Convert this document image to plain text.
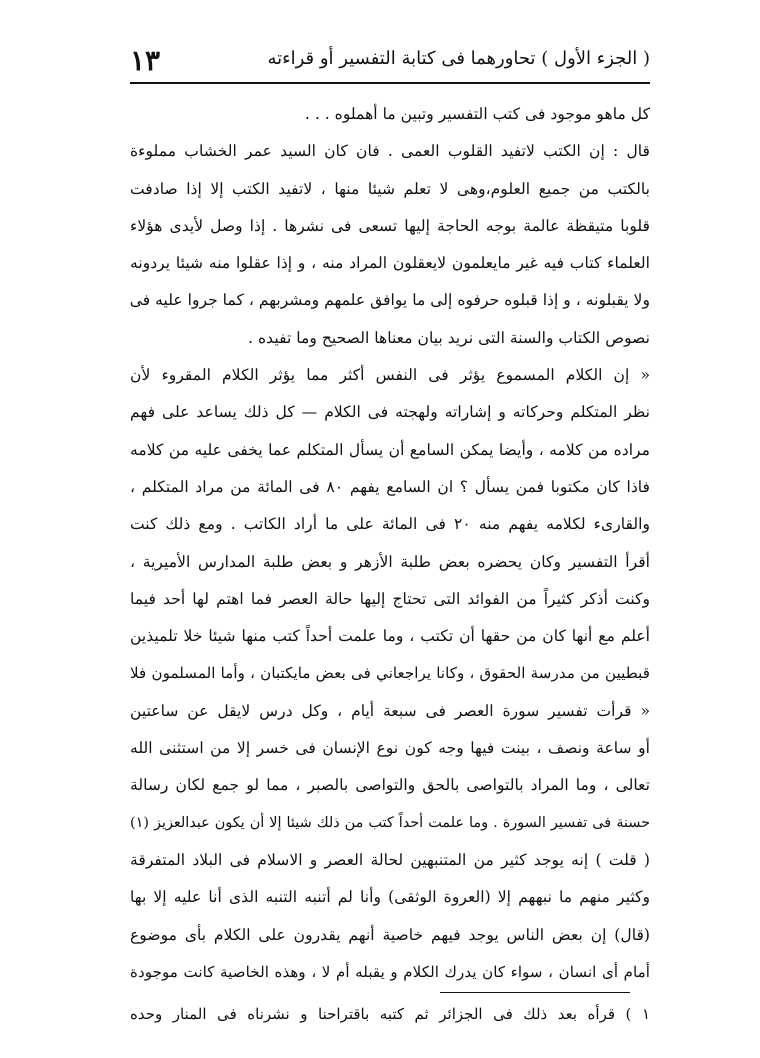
( الجزء الأول ) تحاورهما فى كتابة التفسير أو قراءته
١٣
كل ماهو موجود فى كتب التفسير وتبين ما أهملوه . . .
قال : إن الكتب لاتفيد القلوب العمى . فان كان السيد عمر الخشاب مملوءة
بالكتب من جميع العلوم،وهى لا تعلم شيئا منها ، لاتفيد الكتب إلا إذا صادفت
قلوبا متيقظة عالمة بوجه الحاجة إليها تسعى فى نشرها . إذا وصل لأيدى هؤلاء
العلماء كتاب فيه غير مايعلمون لايعقلون المراد منه ، و إذا عقلوا منه شيئا يردونه
ولا يقبلونه ، و إذا قبلوه حرفوه إلى ما يوافق علمهم ومشربهم ، كما جروا عليه فى
نصوص الكتاب والسنة التى نريد بيان معناها الصحيح وما تفيده .
« إن الكلام المسموع يؤثر فى النفس أكثر مما يؤثر الكلام المقروء لأن
نظر المتكلم وحركاته و إشاراته ولهجته فى الكلام — كل ذلك يساعد على فهم
مراده من كلامه ، وأيضا يمكن السامع أن يسأل المتكلم عما يخفى عليه من كلامه
فاذا كان مكتوبا فمن يسأل ؟ ان السامع يفهم ٨٠ فى المائة من مراد المتكلم ،
والقارىء لكلامه يفهم منه ٢٠ فى المائة على ما أراد الكاتب . ومع ذلك كنت
أقرأ التفسير وكان يحضره بعض طلبة الأزهر و بعض طلبة المدارس الأميرية ،
وكنت أذكر كثيراً من الفوائد التى تحتاج إليها حالة العصر فما اهتم لها أحد فيما
أعلم مع أنها كان من حقها أن تكتب ، وما علمت أحداً كتب منها شيئا خلا تلميذين
قبطيين من مدرسة الحقوق ، وكانا يراجعاني فى بعض مايكتبان ، وأما المسلمون فلا
« قرأت تفسير سورة العصر فى سبعة أيام ، وكل درس لايقل عن ساعتين
أو ساعة ونصف ، بينت فيها وجه كون نوع الإنسان فى خسر إلا من استثنى الله
تعالى ، وما المراد بالتواصى بالحق والتواصى بالصبر ، مما لو جمع لكان رسالة
حسنة فى تفسير السورة . وما علمت أحداً كتب من ذلك شيئا إلا أن يكون عبدالعزيز (١)
( قلت ) إنه يوجد كثير من المتنبهين لحالة العصر و الاسلام فى البلاد المتفرقة
وكثير منهم ما نبههم إلا (العروة الوثقى) وأنا لم أتنبه التنبه الذى أنا عليه إلا بها
(قال) إن بعض الناس يوجد فيهم خاصية أنهم يقدرون على الكلام بأى موضوع
أمام أى انسان ، سواء كان يدرك الكلام و يقبله أم لا ، وهذه الخاصية كانت موجودة
١ ) قرأه بعد ذلك فى الجزائر ثم كتبه باقتراحنا و نشرناه فى المنار وحده
